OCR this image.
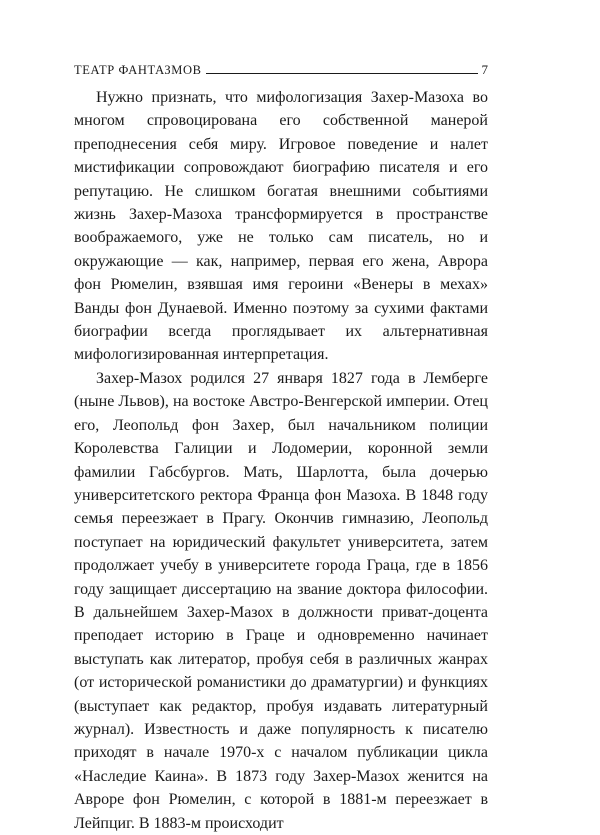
ТЕАТР ФАНТАЗМОВ	7

Нужно признать, что мифологизация Захер-Мазоха во многом спровоцирована его собственной манерой преподнесения себя миру. Игровое поведение и налет мистификации сопровождают биографию писателя и его репутацию. Не слишком богатая внешними событиями жизнь Захер-Мазоха трансформируется в пространстве воображаемого, уже не только сам писатель, но и окружающие — как, например, первая его жена, Аврора фон Рюмелин, взявшая имя героини «Венеры в мехах» Ванды фон Дунаевой. Именно поэтому за сухими фактами биографии всегда проглядывает их альтернативная мифологизированная интерпретация.

Захер-Мазох родился 27 января 1827 года в Лемберге (ныне Львов), на востоке Австро-Венгерской империи. Отец его, Леопольд фон Захер, был начальником полиции Королевства Галиции и Лодомерии, коронной земли фамилии Габсбургов. Мать, Шарлотта, была дочерью университетского ректора Франца фон Мазоха. В 1848 году семья переезжает в Прагу. Окончив гимназию, Леопольд поступает на юридический факультет университета, затем продолжает учебу в университете города Граца, где в 1856 году защищает диссертацию на звание доктора философии. В дальнейшем Захер-Мазох в должности приват-доцента преподает историю в Граце и одновременно начинает выступать как литератор, пробуя себя в различных жанрах (от исторической романистики до драматургии) и функциях (выступает как редактор, пробуя издавать литературный журнал). Известность и даже популярность к писателю приходят в начале 1970-х с началом публикации цикла «Наследие Каина». В 1873 году Захер-Мазох женится на Авроре фон Рюмелин, с которой в 1881-м переезжает в Лейпциг. В 1883-м происходит
